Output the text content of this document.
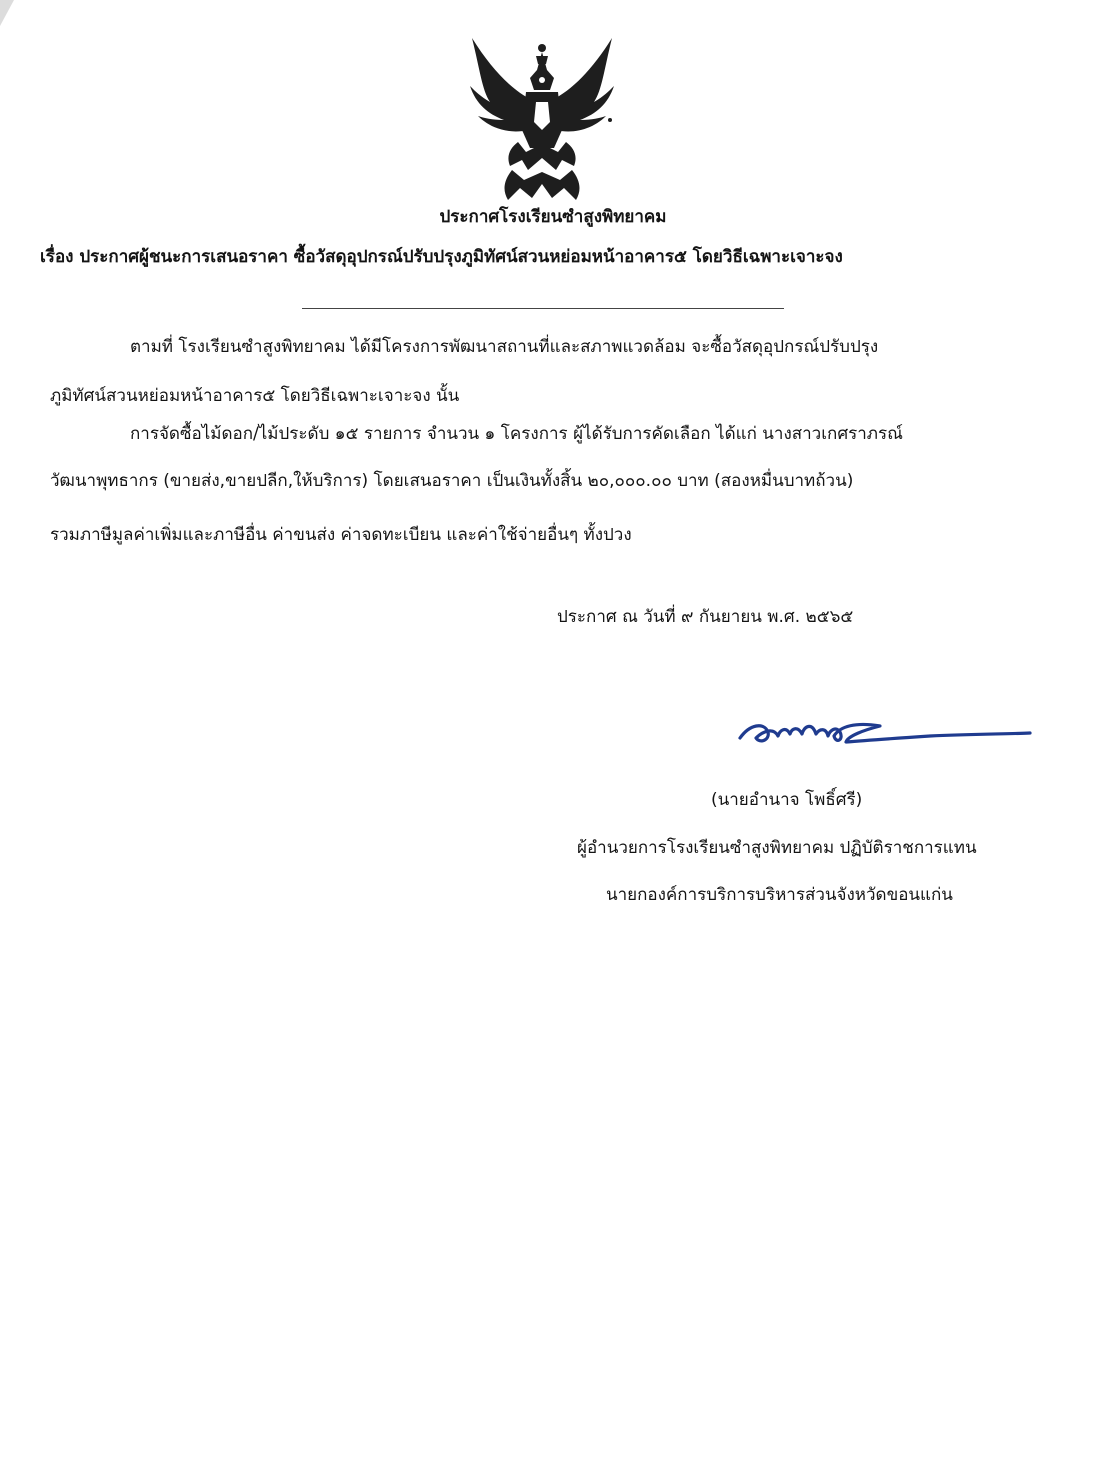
ประกาศโรงเรียนซำสูงพิทยาคม
เรื่อง ประกาศผู้ชนะการเสนอราคา ซื้อวัสดุอุปกรณ์ปรับปรุงภูมิทัศน์สวนหย่อมหน้าอาคาร๕ โดยวิธีเฉพาะเจาะจง
ตามที่ โรงเรียนซำสูงพิทยาคม ได้มีโครงการพัฒนาสถานที่และสภาพแวดล้อม จะซื้อวัสดุอุปกรณ์ปรับปรุง
ภูมิทัศน์สวนหย่อมหน้าอาคาร๕ โดยวิธีเฉพาะเจาะจง นั้น
การจัดซื้อไม้ดอก/ไม้ประดับ ๑๕ รายการ จำนวน ๑ โครงการ ผู้ได้รับการคัดเลือก ได้แก่ นางสาวเกศราภรณ์
วัฒนาพุทธากร (ขายส่ง,ขายปลีก,ให้บริการ) โดยเสนอราคา เป็นเงินทั้งสิ้น ๒๐,๐๐๐.๐๐ บาท (สองหมื่นบาทถ้วน)
รวมภาษีมูลค่าเพิ่มและภาษีอื่น ค่าขนส่ง ค่าจดทะเบียน และค่าใช้จ่ายอื่นๆ ทั้งปวง
ประกาศ ณ วันที่ ๙ กันยายน พ.ศ. ๒๕๖๕
(นายอำนาจ โพธิ์ศรี)
ผู้อำนวยการโรงเรียนซำสูงพิทยาคม ปฏิบัติราชการแทน
นายกองค์การบริการบริหารส่วนจังหวัดขอนแก่น
